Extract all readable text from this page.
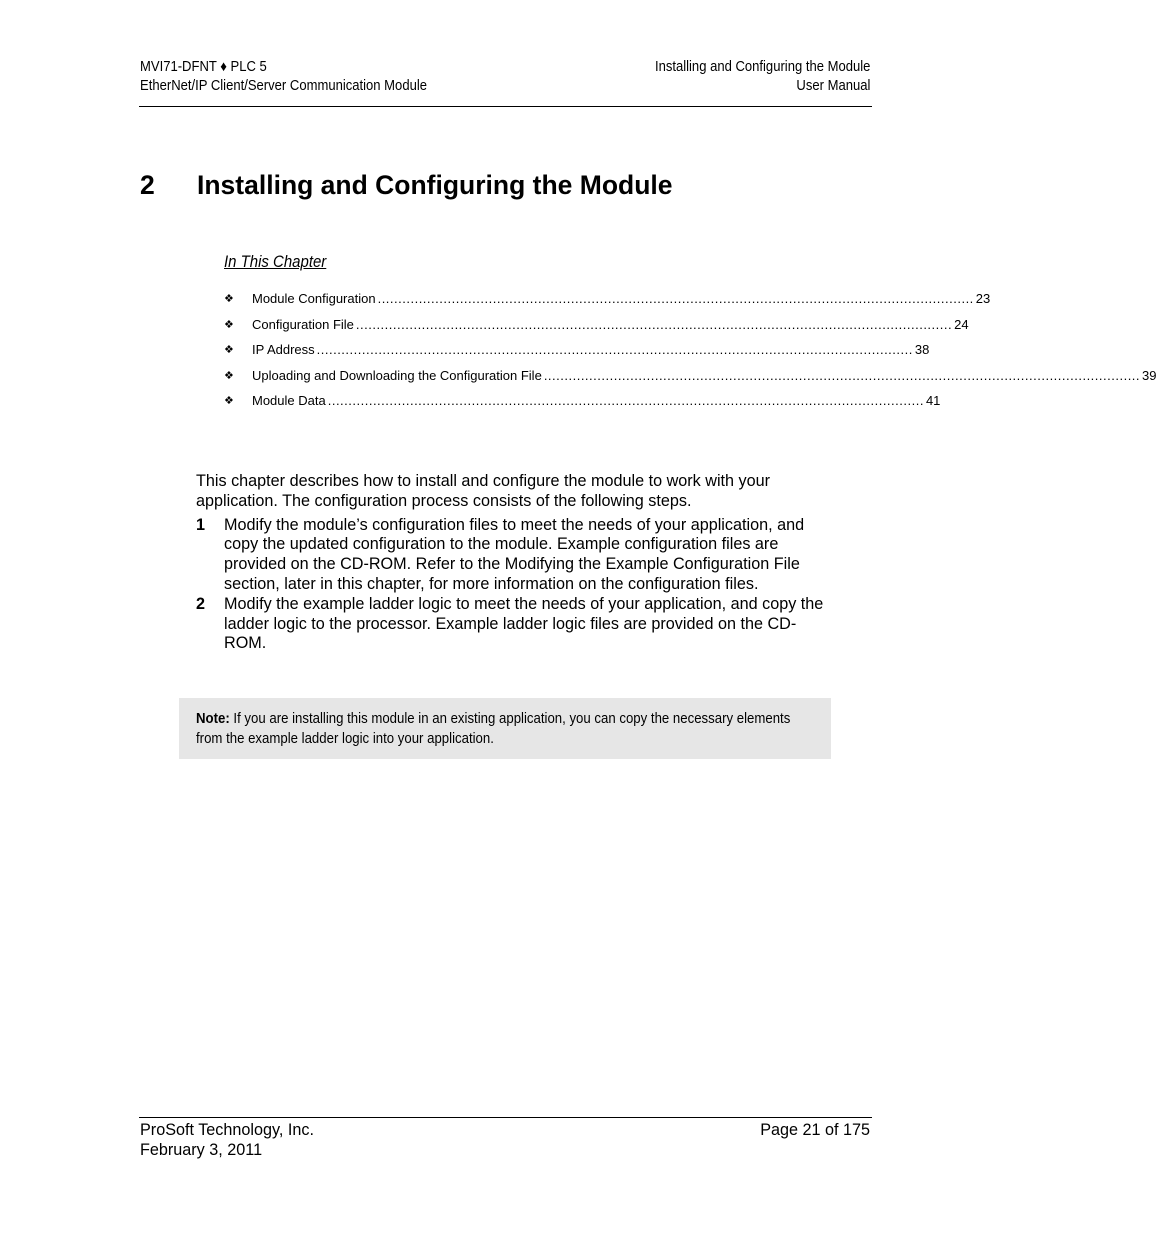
MVI71-DFNT ♦ PLC 5
EtherNet/IP Client/Server Communication Module
Installing and Configuring the Module
User Manual
2 Installing and Configuring the Module
In This Chapter
❖ Module Configuration ................................................................................................................................................. 23
❖ Configuration File ................................................................................................................................................. 24
❖ IP Address ................................................................................................................................................. 38
❖ Uploading and Downloading the Configuration File ................................................................................................................................................. 39
❖ Module Data ................................................................................................................................................. 41

This chapter describes how to install and configure the module to work with your application. The configuration process consists of the following steps.

1 Modify the module’s configuration files to meet the needs of your application, and copy the updated configuration to the module. Example configuration files are provided on the CD-ROM. Refer to the Modifying the Example Configuration File section, later in this chapter, for more information on the configuration files.
2 Modify the example ladder logic to meet the needs of your application, and copy the ladder logic to the processor. Example ladder logic files are provided on the CD-ROM.
Note: If you are installing this module in an existing application, you can copy the necessary elements from the example ladder logic into your application.
ProSoft Technology, Inc.
February 3, 2011
Page 21 of 175
